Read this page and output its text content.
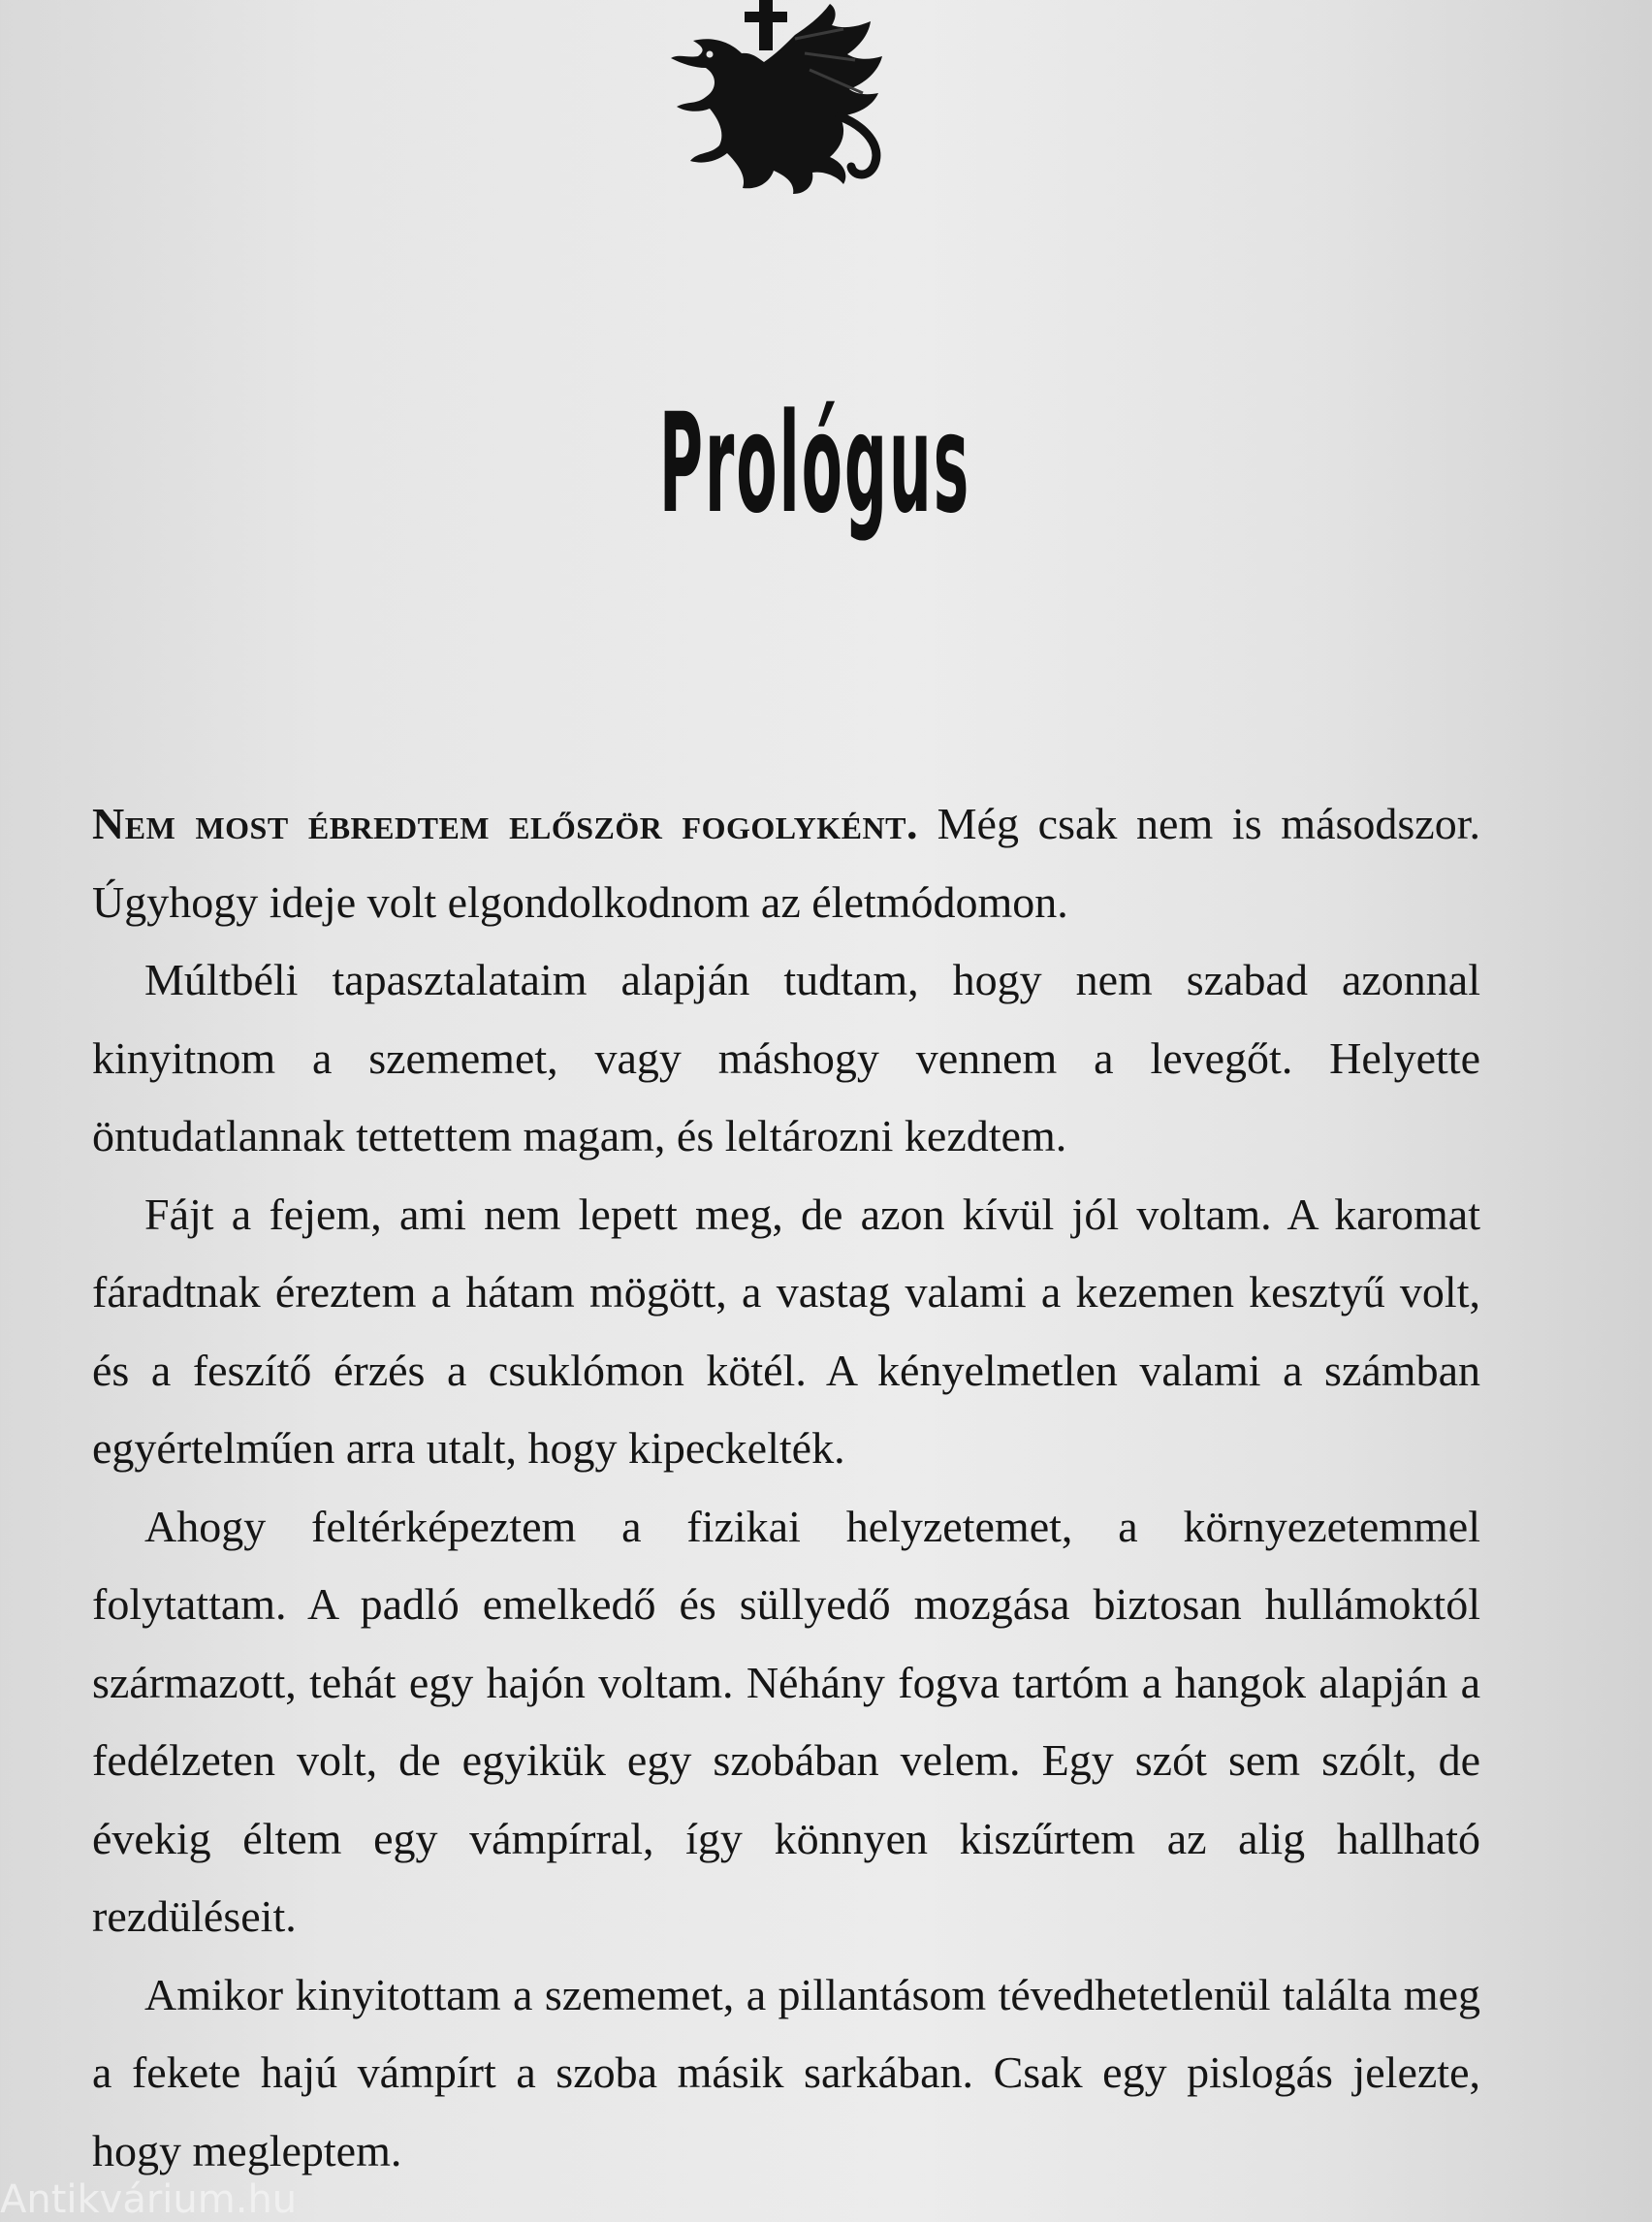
Prológus

Nem most ébredtem először fogolyként. Még csak nem is másodszor. Úgyhogy ideje volt elgondolkodnom az életmódomon.

Múltbéli tapasztalataim alapján tudtam, hogy nem szabad azonnal kinyitnom a szememet, vagy máshogy vennem a levegőt. Helyette öntudatlannak tettettem magam, és leltározni kezdtem.

Fájt a fejem, ami nem lepett meg, de azon kívül jól voltam. A karomat fáradtnak éreztem a hátam mögött, a vastag valami a kezemen kesztyű volt, és a feszítő érzés a csuklómon kötél. A kényelmetlen valami a számban egyértelműen arra utalt, hogy kipeckelték.

Ahogy feltérképeztem a fizikai helyzetemet, a környezetemmel folytattam. A padló emelkedő és süllyedő mozgása biztosan hullámoktól származott, tehát egy hajón voltam. Néhány fogva tartóm a hangok alapján a fedélzeten volt, de egyikük egy szobában velem. Egy szót sem szólt, de évekig éltem egy vámpírral, így könnyen kiszűrtem az alig hallható rezdüléseit.

Amikor kinyitottam a szememet, a pillantásom tévedhetetlenül találta meg a fekete hajú vámpírt a szoba másik sarkában. Csak egy pislogás jelezte, hogy megleptem.

Antikvárium.hu
